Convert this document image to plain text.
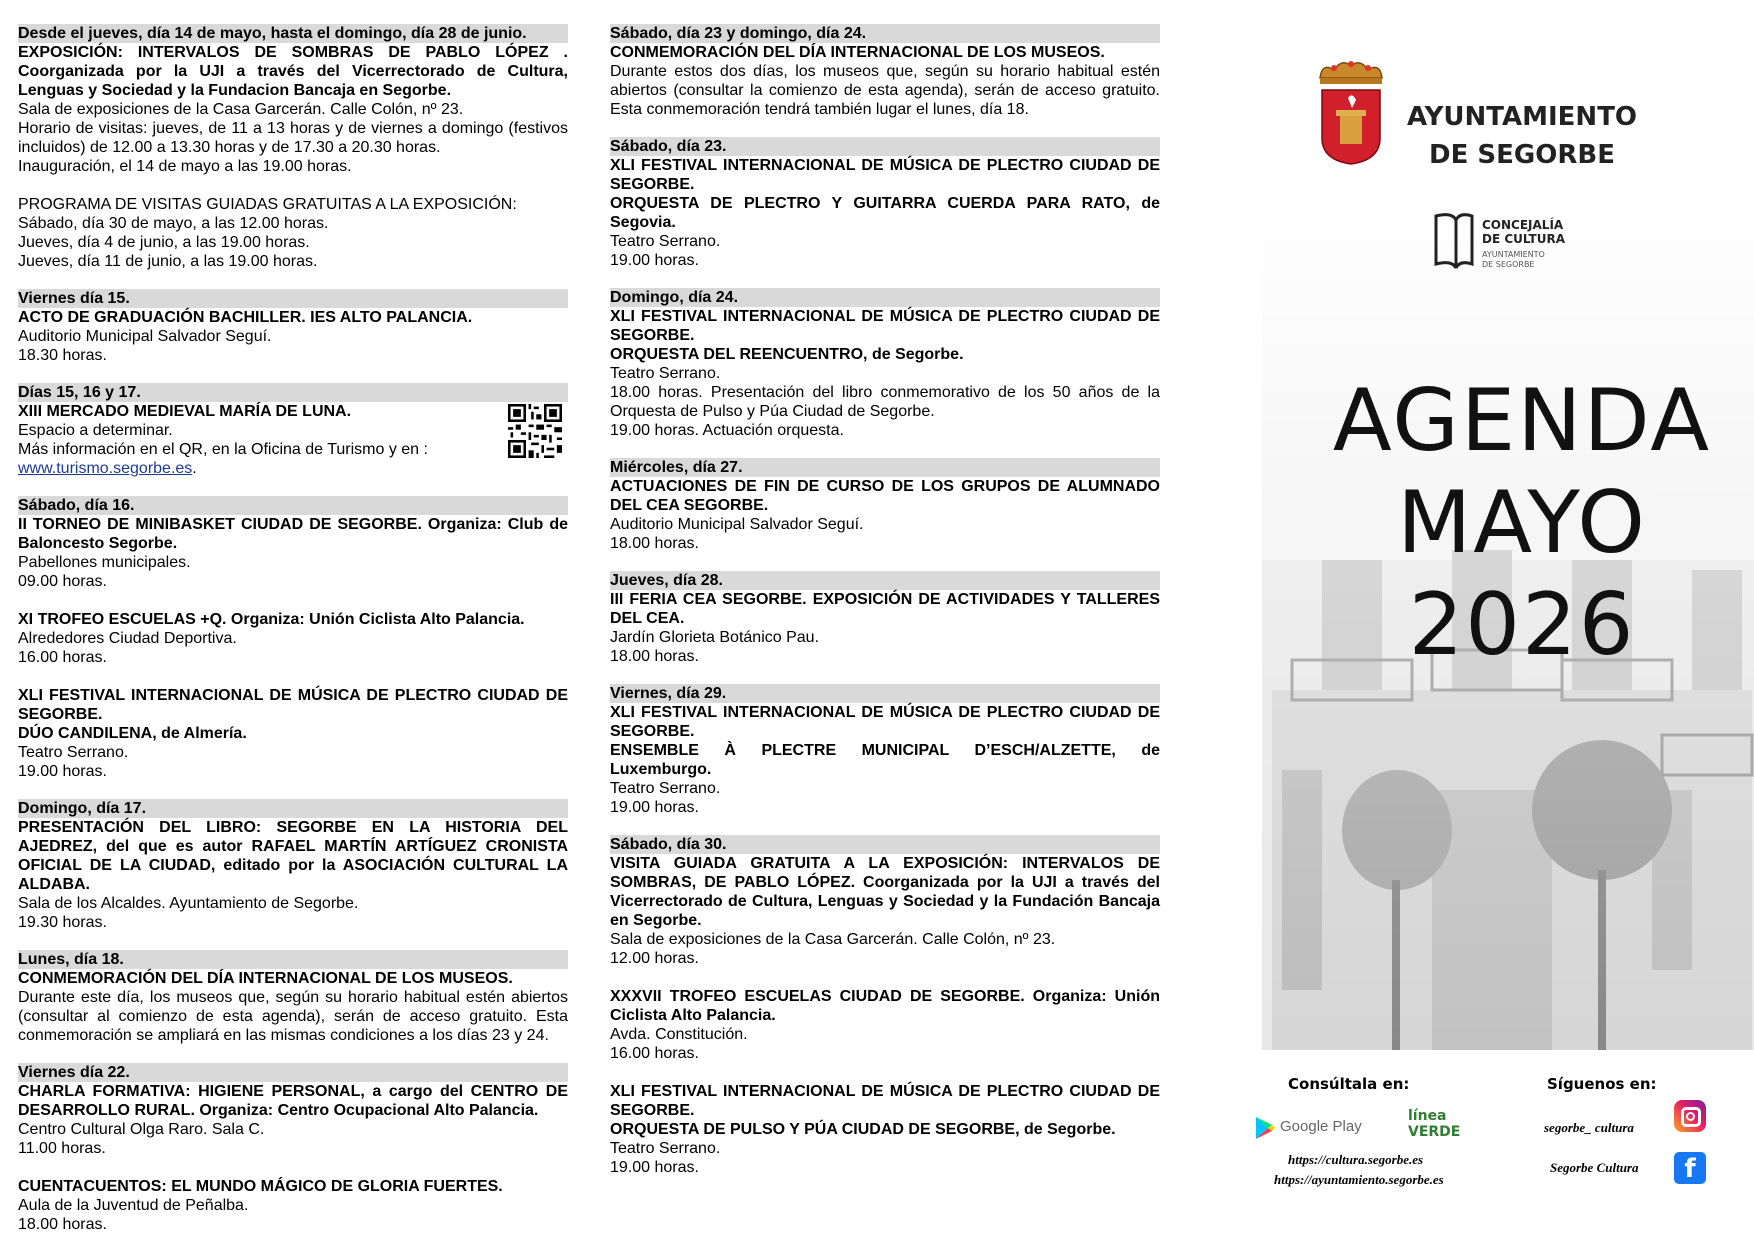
Desde el jueves, día 14 de mayo, hasta el domingo, día 28 de junio.
EXPOSICIÓN: INTERVALOS DE SOMBRAS DE PABLO LÓPEZ . Coorganizada por la UJI a través del Vicerrectorado de Cultura, Lenguas y Sociedad y la Fundacion Bancaja en Segorbe.
Sala de exposiciones de la Casa Garcerán. Calle Colón, nº 23.
Horario de visitas: jueves, de 11 a 13 horas y de viernes a domingo (festivos incluidos) de 12.00 a 13.30 horas y de 17.30 a 20.30 horas.
Inauguración, el 14 de mayo a las 19.00 horas.
PROGRAMA DE VISITAS GUIADAS GRATUITAS A LA EXPOSICIÓN:
Sábado, día 30 de mayo, a las 12.00 horas.
Jueves, día 4 de junio, a las 19.00 horas.
Jueves, día 11 de junio, a las 19.00 horas.
Viernes día 15.
ACTO DE GRADUACIÓN BACHILLER. IES ALTO PALANCIA.
Auditorio Municipal Salvador Seguí.
18.30 horas.
Días 15, 16 y 17.
XIII MERCADO MEDIEVAL MARÍA DE LUNA.
Espacio a determinar.
Más información en el QR, en la Oficina de Turismo y en :
www.turismo.segorbe.es.
Sábado, día 16.
II TORNEO DE MINIBASKET CIUDAD DE SEGORBE. Organiza: Club de Baloncesto Segorbe.
Pabellones municipales.
09.00 horas.
XI TROFEO ESCUELAS +Q. Organiza: Unión Ciclista Alto Palancia.
Alrededores Ciudad Deportiva.
16.00 horas.
XLI FESTIVAL INTERNACIONAL DE MÚSICA DE PLECTRO CIUDAD DE SEGORBE.
DÚO CANDILENA, de Almería.
Teatro Serrano.
19.00 horas.
Domingo, día 17.
PRESENTACIÓN DEL LIBRO: SEGORBE EN LA HISTORIA DEL AJEDREZ, del que es autor RAFAEL MARTÍN ARTÍGUEZ CRONISTA OFICIAL DE LA CIUDAD, editado por la ASOCIACIÓN CULTURAL LA ALDABA.
Sala de los Alcaldes. Ayuntamiento de Segorbe.
19.30 horas.
Lunes, día 18.
CONMEMORACIÓN DEL DÍA INTERNACIONAL DE LOS MUSEOS.
Durante este día, los museos que, según su horario habitual estén abiertos (consultar al comienzo de esta agenda), serán de acceso gratuito. Esta conmemoración se ampliará en las mismas condiciones a los días 23 y 24.
Viernes día 22.
CHARLA FORMATIVA: HIGIENE PERSONAL, a cargo del CENTRO DE DESARROLLO RURAL. Organiza: Centro Ocupacional Alto Palancia.
Centro Cultural Olga Raro. Sala C.
11.00 horas.
CUENTACUENTOS: EL MUNDO MÁGICO DE GLORIA FUERTES.
Aula de la Juventud de Peñalba.
18.00 horas.
Sábado, día 23 y domingo, día 24.
CONMEMORACIÓN DEL DÍA INTERNACIONAL DE LOS MUSEOS.
Durante estos dos días, los museos que, según su horario habitual estén abiertos (consultar la comienzo de esta agenda), serán de acceso gratuito. Esta conmemoración tendrá también lugar el lunes, día 18.
Sábado, día 23.
XLI FESTIVAL INTERNACIONAL DE MÚSICA DE PLECTRO CIUDAD DE SEGORBE.
ORQUESTA DE PLECTRO Y GUITARRA CUERDA PARA RATO, de Segovia.
Teatro Serrano.
19.00 horas.
Domingo, día 24.
XLI FESTIVAL INTERNACIONAL DE MÚSICA DE PLECTRO CIUDAD DE SEGORBE.
ORQUESTA DEL REENCUENTRO, de Segorbe.
Teatro Serrano.
18.00 horas. Presentación del libro conmemorativo de los 50 años de la Orquesta de Pulso y Púa Ciudad de Segorbe.
19.00 horas. Actuación orquesta.
Miércoles, día 27.
ACTUACIONES DE FIN DE CURSO DE LOS GRUPOS DE ALUMNADO DEL CEA SEGORBE.
Auditorio Municipal Salvador Seguí.
18.00 horas.
Jueves, día 28.
III FERIA CEA SEGORBE. EXPOSICIÓN DE ACTIVIDADES Y TALLERES DEL CEA.
Jardín Glorieta Botánico Pau.
18.00 horas.
Viernes, día 29.
XLI FESTIVAL INTERNACIONAL DE MÚSICA DE PLECTRO CIUDAD DE SEGORBE.
ENSEMBLE À PLECTRE MUNICIPAL D’ESCH/ALZETTE, de Luxemburgo.
Teatro Serrano.
19.00 horas.
Sábado, día 30.
VISITA GUIADA GRATUITA A LA EXPOSICIÓN: INTERVALOS DE SOMBRAS, DE PABLO LÓPEZ. Coorganizada por la UJI a través del Vicerrectorado de Cultura, Lenguas y Sociedad y la Fundación Bancaja en Segorbe.
Sala de exposiciones de la Casa Garcerán. Calle Colón, nº 23.
12.00 horas.
XXXVII TROFEO ESCUELAS CIUDAD DE SEGORBE. Organiza: Unión Ciclista Alto Palancia.
Avda. Constitución.
16.00 horas.
XLI FESTIVAL INTERNACIONAL DE MÚSICA DE PLECTRO CIUDAD DE SEGORBE.
ORQUESTA DE PULSO Y PÚA CIUDAD DE SEGORBE, de Segorbe.
Teatro Serrano.
19.00 horas.
AYUNTAMIENTO
DE SEGORBE
CONCEJALÍA
DE CULTURA
AYUNTAMIENTO
DE SEGORBE
AGENDA
MAYO
2026
Consúltala en:	Síguenos en:
Google Play
línea
VERDE
https://cultura.segorbe.es
https://ayuntamiento.segorbe.es
segorbe_ cultura
Segorbe Cultura	f
